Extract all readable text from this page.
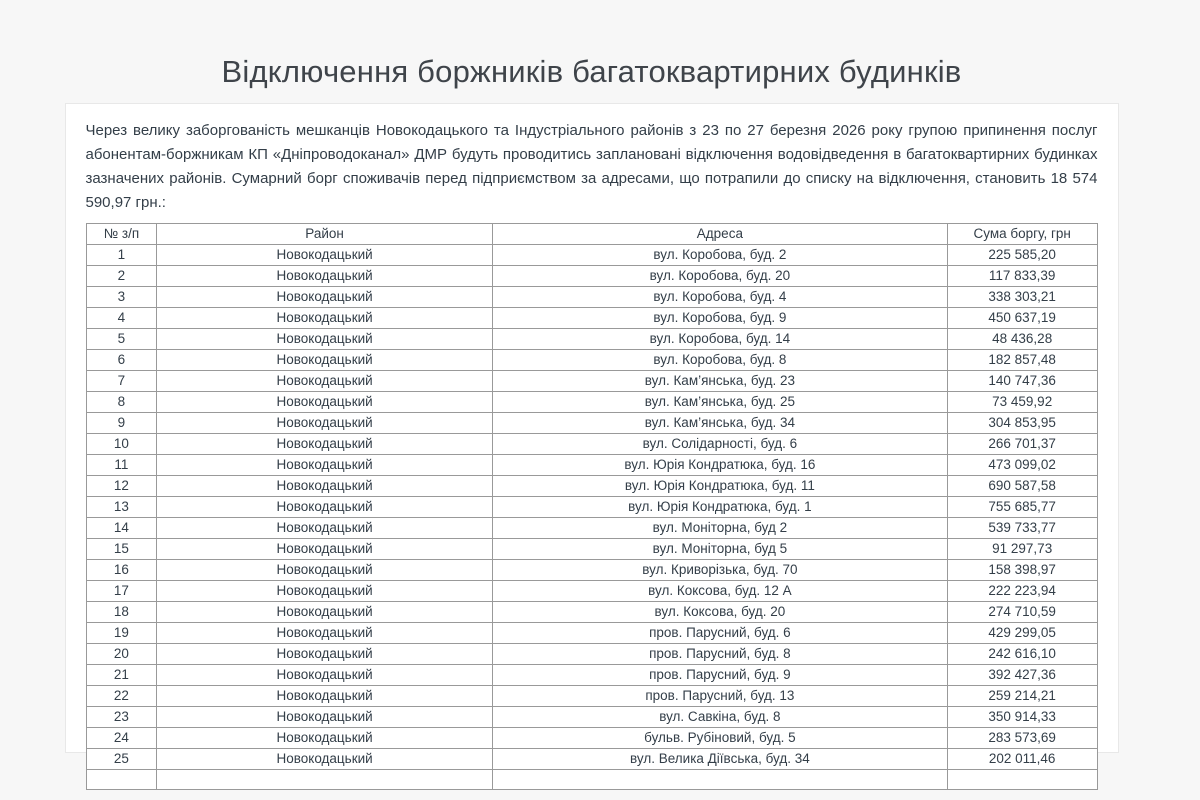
Відключення боржників багатоквартирних будинків

Через велику заборгованість мешканців Новокодацького та Індустріального районів з 23 по 27 березня 2026 року групою припинення послуг абонентам-боржникам КП «Дніпроводоканал» ДМР будуть проводитись заплановані відключення водовідведення в багатоквартирних будинках зазначених районів. Сумарний борг споживачів перед підприємством за адресами, що потрапили до списку на відключення, становить 18 574 590,97 грн.:

№ з/п	Район	Адреса	Сума боргу, грн
1	Новокодацький	вул. Коробова, буд. 2	225 585,20
2	Новокодацький	вул. Коробова, буд. 20	117 833,39
3	Новокодацький	вул. Коробова, буд. 4	338 303,21
4	Новокодацький	вул. Коробова, буд. 9	450 637,19
5	Новокодацький	вул. Коробова, буд. 14	48 436,28
6	Новокодацький	вул. Коробова, буд. 8	182 857,48
7	Новокодацький	вул. Кам’янська, буд. 23	140 747,36
8	Новокодацький	вул. Кам’янська, буд. 25	73 459,92
9	Новокодацький	вул. Кам’янська, буд. 34	304 853,95
10	Новокодацький	вул. Солідарності, буд. 6	266 701,37
11	Новокодацький	вул. Юрія Кондратюка, буд. 16	473 099,02
12	Новокодацький	вул. Юрія Кондратюка, буд. 11	690 587,58
13	Новокодацький	вул. Юрія Кондратюка, буд. 1	755 685,77
14	Новокодацький	вул. Моніторна, буд 2	539 733,77
15	Новокодацький	вул. Моніторна, буд 5	91 297,73
16	Новокодацький	вул. Криворізька, буд. 70	158 398,97
17	Новокодацький	вул. Коксова, буд. 12 А	222 223,94
18	Новокодацький	вул. Коксова, буд. 20	274 710,59
19	Новокодацький	пров. Парусний, буд. 6	429 299,05
20	Новокодацький	пров. Парусний, буд. 8	242 616,10
21	Новокодацький	пров. Парусний, буд. 9	392 427,36
22	Новокодацький	пров. Парусний, буд. 13	259 214,21
23	Новокодацький	вул. Савкіна, буд. 8	350 914,33
24	Новокодацький	бульв. Рубіновий, буд. 5	283 573,69
25	Новокодацький	вул. Велика Діївська, буд. 34	202 011,46
